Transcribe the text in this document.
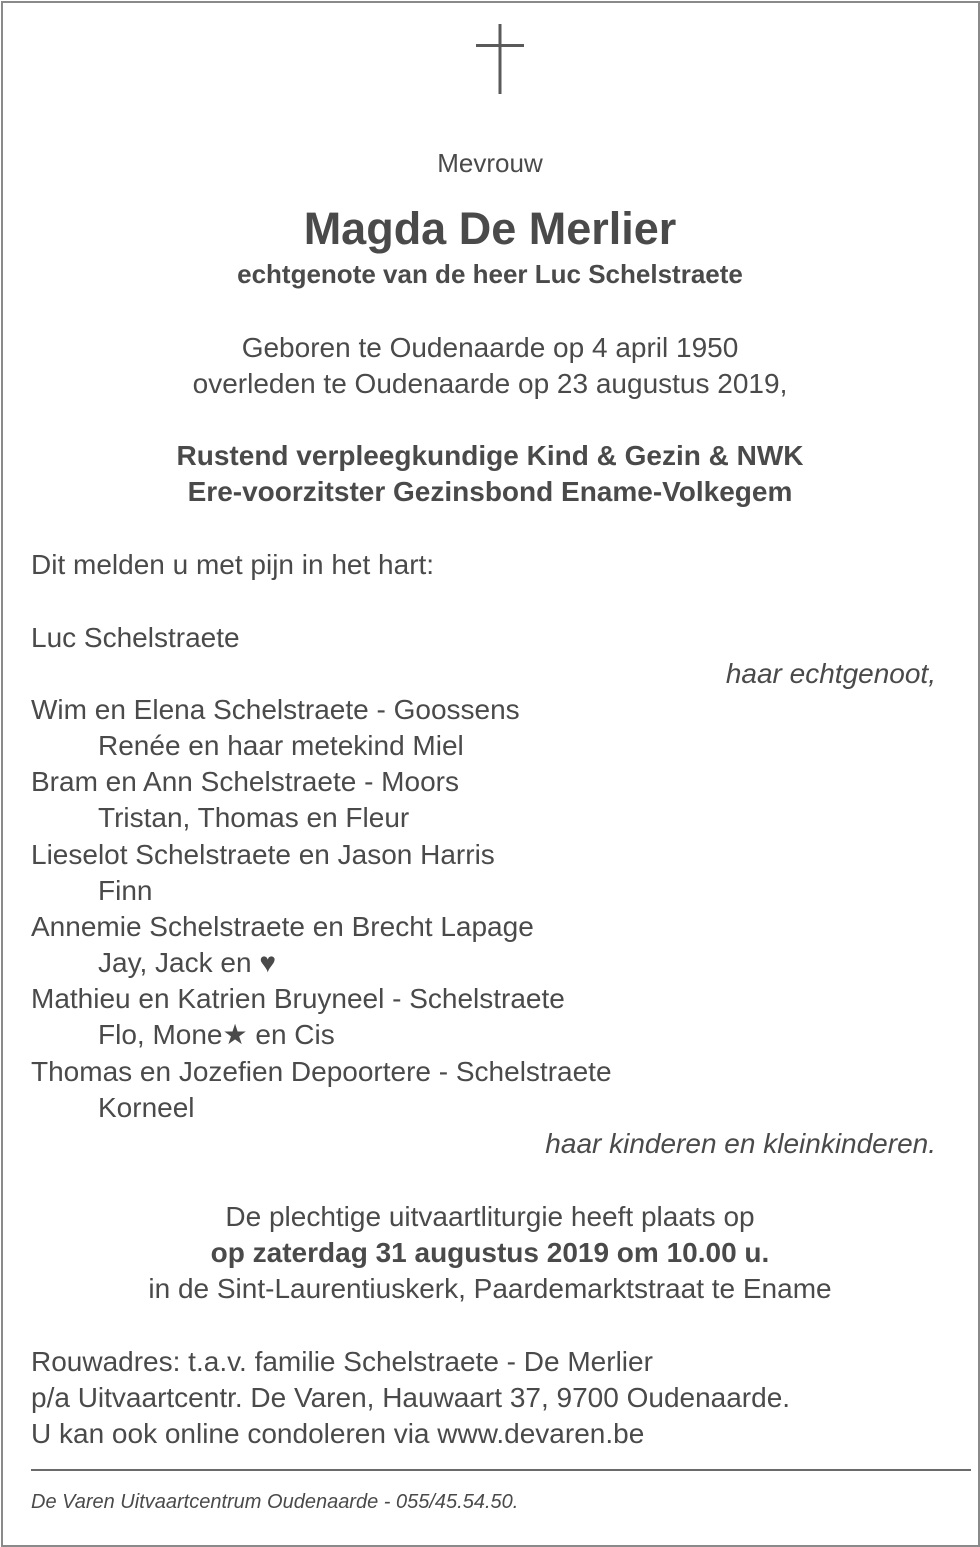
Mevrouw
Magda De Merlier
echtgenote van de heer Luc Schelstraete
Geboren te Oudenaarde op 4 april 1950
overleden te Oudenaarde op 23 augustus 2019,
Rustend verpleegkundige Kind & Gezin & NWK
Ere-voorzitster Gezinsbond Ename-Volkegem
Dit melden u met pijn in het hart:
Luc Schelstraete
haar echtgenoot,
Wim en Elena Schelstraete - Goossens
Renée en haar metekind Miel
Bram en Ann Schelstraete - Moors
Tristan, Thomas en Fleur
Lieselot Schelstraete en Jason Harris
Finn
Annemie Schelstraete en Brecht Lapage
Jay, Jack en ♥
Mathieu en Katrien Bruyneel - Schelstraete
Flo, Mone★ en Cis
Thomas en Jozefien Depoortere - Schelstraete
Korneel
haar kinderen en kleinkinderen.
De plechtige uitvaartliturgie heeft plaats op
op zaterdag 31 augustus 2019 om 10.00 u.
in de Sint-Laurentiuskerk, Paardemarktstraat te Ename
Rouwadres: t.a.v. familie Schelstraete - De Merlier
p/a Uitvaartcentr. De Varen, Hauwaart 37, 9700 Oudenaarde.
U kan ook online condoleren via www.devaren.be
De Varen Uitvaartcentrum Oudenaarde - 055/45.54.50.
